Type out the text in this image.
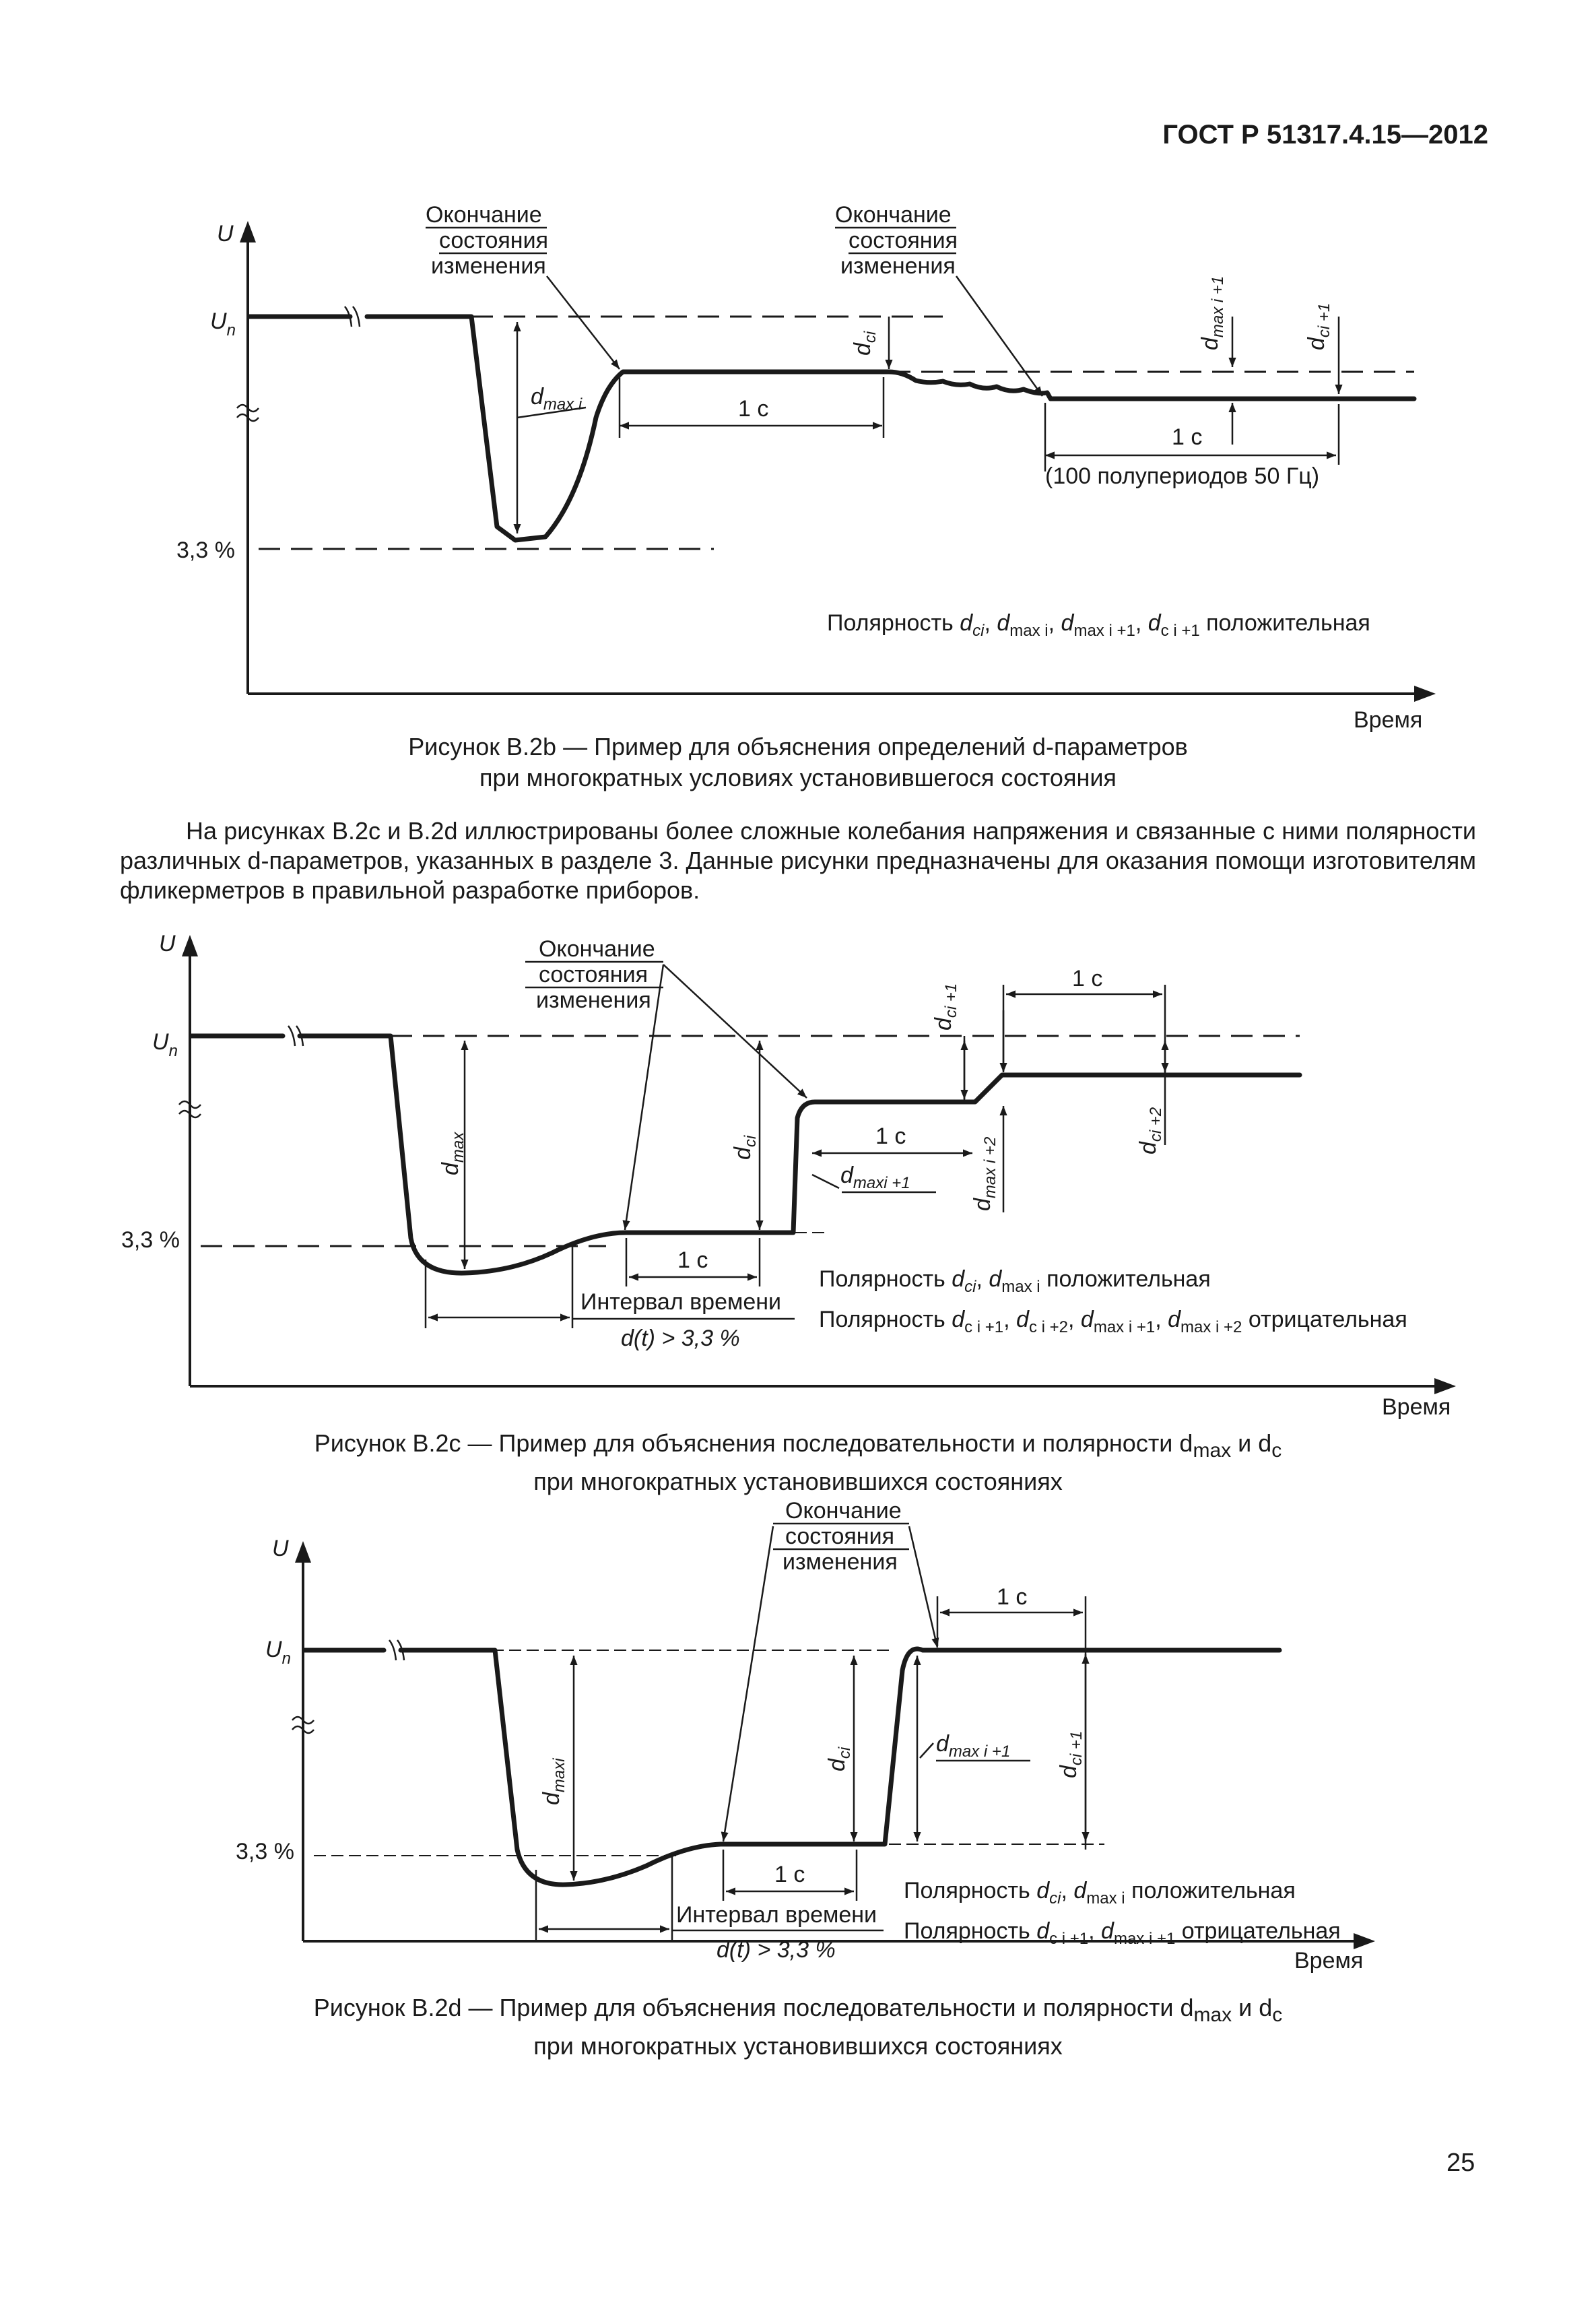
ГОСТ Р 51317.4.15—2012
U
Время
$U_n$
3,3 %
$d_{max i}$	1 с
$d_{ci}$
Окончание состояния изменения
Окончание состояния изменения
$d_{max i +1}$
$d_{ci +1}$
1 с
(100 полупериодов 50 Гц)
Полярность $d_{ci}$, $d_{max i}$, $d_{max i +1}$, $d_{c i +1}$ положительная
Рисунок B.2b — Пример для объяснения определений d-параметров
при многократных условиях установившегося состояния

На рисунках B.2c и B.2d иллюстрированы более сложные колебания напряжения и связанные с ними полярности различных d-параметров, указанных в разделе 3. Данные рисунки предназначены для оказания помощи изготовителям фликерметров в правильной разработке приборов.

U
Время
$U_n$
3,3 %
$d_{max}$	$d_{ci}$
Окончание состояния изменения
1 с
Интервал времени
d(t) > 3,3 %
1 с
$d_{maxi +1}$
$d_{ci +1}$
$d_{max i +2}$
1 с
$d_{ci +2}$
Полярность $d_{ci}$, $d_{max i}$ положительная
Полярность $d_{c i +1}$, $d_{c i +2}$, $d_{max i +1}$, $d_{max i +2}$ отрицательная
Рисунок B.2c — Пример для объяснения последовательности и полярности $d_{max}$ и $d_c$
при многократных установившихся состояниях
U
Время
$U_n$
3,3 %
$d_{maxi}$	$d_{ci}$
Окончание состояния изменения
1 с
Интервал времени
d(t) > 3,3 %
$d_{max i +1}$
1 с
$d_{ci +1}$
Полярность $d_{ci}$, $d_{max i}$ положительная
Полярность $d_{c i +1}$, $d_{max i +1}$ отрицательная
Рисунок B.2d — Пример для объяснения последовательности и полярности $d_{max}$ и $d_c$
при многократных установившихся состояниях
25
